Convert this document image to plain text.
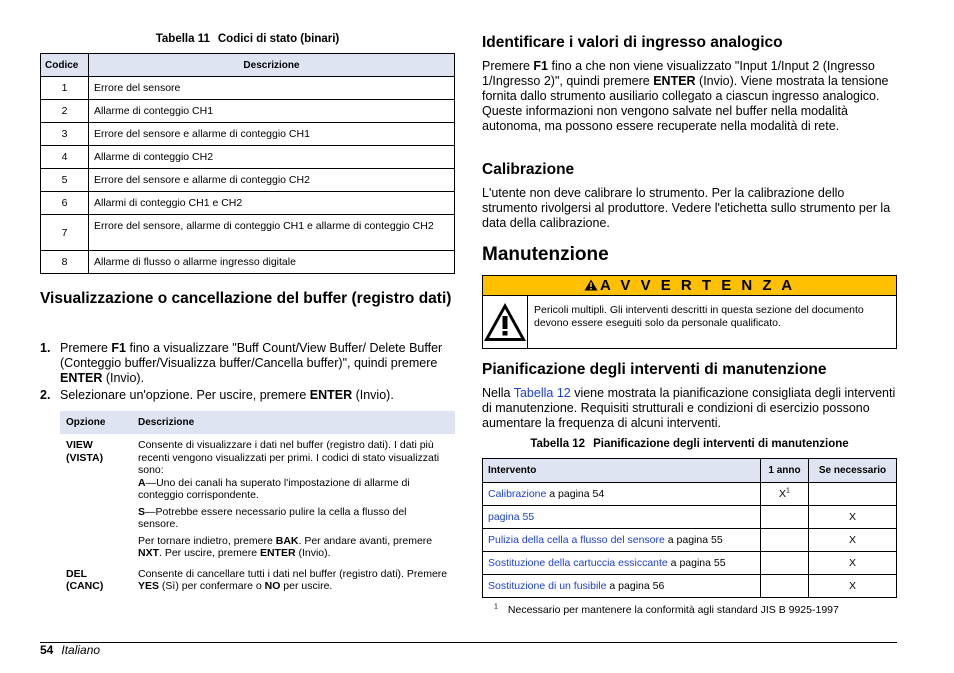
Tabella 11 Codici di stato (binari)
Codice	Descrizione
1	Errore del sensore
2	Allarme di conteggio CH1
3	Errore del sensore e allarme di conteggio CH1
4	Allarme di conteggio CH2
5	Errore del sensore e allarme di conteggio CH2
6	Allarmi di conteggio CH1 e CH2
7	Errore del sensore, allarme di conteggio CH1 e allarme di conteggio CH2
8	Allarme di flusso o allarme ingresso digitale
Visualizzazione o cancellazione del buffer (registro dati)
1. Premere F1 fino a visualizzare "Buff Count/View Buffer/ Delete Buffer (Conteggio buffer/Visualizza buffer/Cancella buffer)", quindi premere ENTER (Invio).
2. Selezionare un'opzione. Per uscire, premere ENTER (Invio).
Opzione	Descrizione
VIEW (VISTA)	Consente di visualizzare i dati nel buffer (registro dati). I dati più recenti vengono visualizzati per primi. I codici di stato visualizzati sono:

A—Uno dei canali ha superato l'impostazione di allarme di conteggio corrispondente.

S—Potrebbe essere necessario pulire la cella a flusso del sensore.

Per tornare indietro, premere BAK. Per andare avanti, premere NXT. Per uscire, premere ENTER (Invio).

DEL (CANC)	Consente di cancellare tutti i dati nel buffer (registro dati). Premere YES (Sì) per confermare o NO per uscire.
Identificare i valori di ingresso analogico

Premere F1 fino a che non viene visualizzato "Input 1/Input 2 (Ingresso 1/Ingresso 2)", quindi premere ENTER (Invio). Viene mostrata la tensione fornita dallo strumento ausiliario collegato a ciascun ingresso analogico. Queste informazioni non vengono salvate nel buffer nella modalità autonoma, ma possono essere recuperate nella modalità di rete.

Calibrazione

L'utente non deve calibrare lo strumento. Per la calibrazione dello strumento rivolgersi al produttore. Vedere l'etichetta sullo strumento per la data della calibrazione.

Manutenzione
A V V E R T E N Z A
Pericoli multipli. Gli interventi descritti in questa sezione del documento devono essere eseguiti solo da personale qualificato.
Pianificazione degli interventi di manutenzione

Nella Tabella 12 viene mostrata la pianificazione consigliata degli interventi di manutenzione. Requisiti strutturali e condizioni di esercizio possono aumentare la frequenza di alcuni interventi.

Tabella 12 Pianificazione degli interventi di manutenzione
Intervento	1 anno	Se necessario
Calibrazione a pagina 54	$X^1$	
pagina 55		X
Pulizia della cella a flusso del sensore a pagina 55		X
Sostituzione della cartuccia essiccante a pagina 55		X
Sostituzione di un fusibile a pagina 56		X
$^1$ Necessario per mantenere la conformità agli standard JIS B 9925-1997
54 Italiano
